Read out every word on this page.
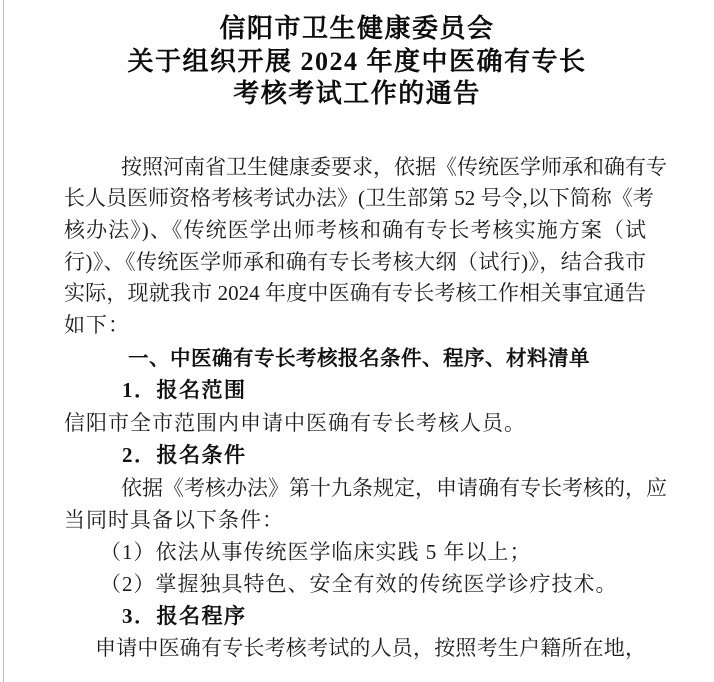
信阳市卫生健康委员会
关于组织开展 2024 年度中医确有专长
考核考试工作的通告
按照河南省卫生健康委要求，依据《传统医学师承和确有专
长人员医师资格考核考试办法》(卫生部第 52 号令,以下简称《考
核办法》)、《传统医学出师考核和确有专长考核实施方案（试
行)》、《传统医学师承和确有专长考核大纲（试行)》，结合我市
实际，现就我市 2024 年度中医确有专长考核工作相关事宜通告
如下：
一、中医确有专长考核报名条件、程序、材料清单
1．报名范围
信阳市全市范围内申请中医确有专长考核人员。
2．报名条件
依据《考核办法》第十九条规定，申请确有专长考核的，应
当同时具备以下条件：
（1）依法从事传统医学临床实践 5 年以上；
（2）掌握独具特色、安全有效的传统医学诊疗技术。
3．报名程序
申请中医确有专长考核考试的人员，按照考生户籍所在地，
